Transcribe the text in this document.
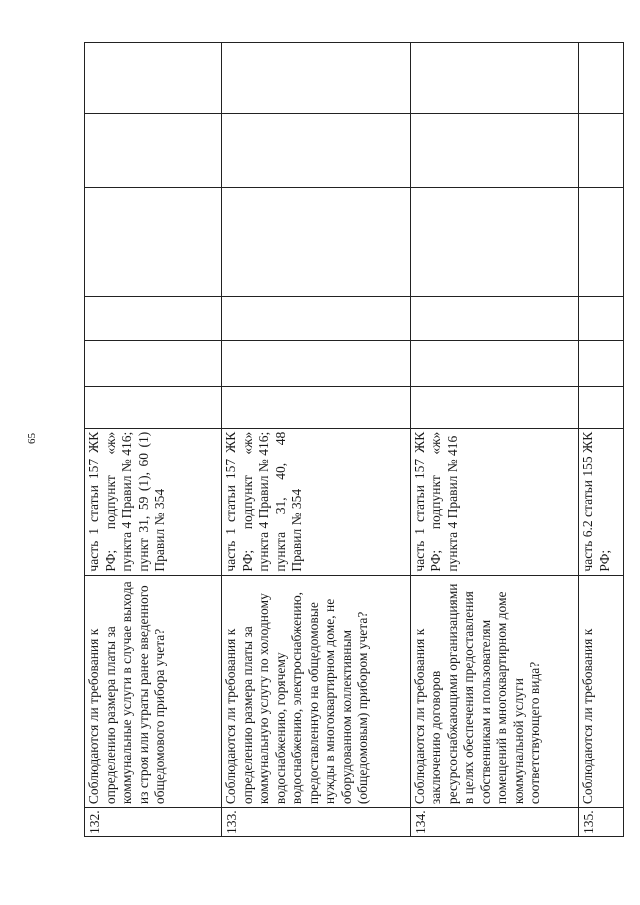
65
132.	Соблюдаются ли требования к определению размера платы за коммунальные услуги в случае выхода из строя или утраты ранее введенного общедомового прибора учета?	часть 1 статьи 157 ЖК РФ; подпункт «ж» пункта 4 Правил № 416; пункт 31, 59 (1), 60 (1) Правил № 354						
133.	Соблюдаются ли требования к определению размера платы за коммунальную услугу по холодному водоснабжению, горячему водоснабжению, электроснабжению, предоставленную на общедомовые нужды в многоквартирном доме, не оборудованном коллективным (общедомовым) прибором учета?	часть 1 статьи 157 ЖК РФ; подпункт «ж» пункта 4 Правил № 416; пункта 31, 40, 48 Правил № 354						
134.	Соблюдаются ли требования к заключению договоров ресурсоснабжающими организациями в целях обеспечения предоставления собственникам и пользователям помещений в многоквартирном доме коммунальной услуги соответствующего вида?	часть 1 статьи 157 ЖК РФ; подпункт «ж» пункта 4 Правил № 416						
135.	Соблюдаются ли требования к	часть 6.2 статьи 155 ЖК РФ;						
